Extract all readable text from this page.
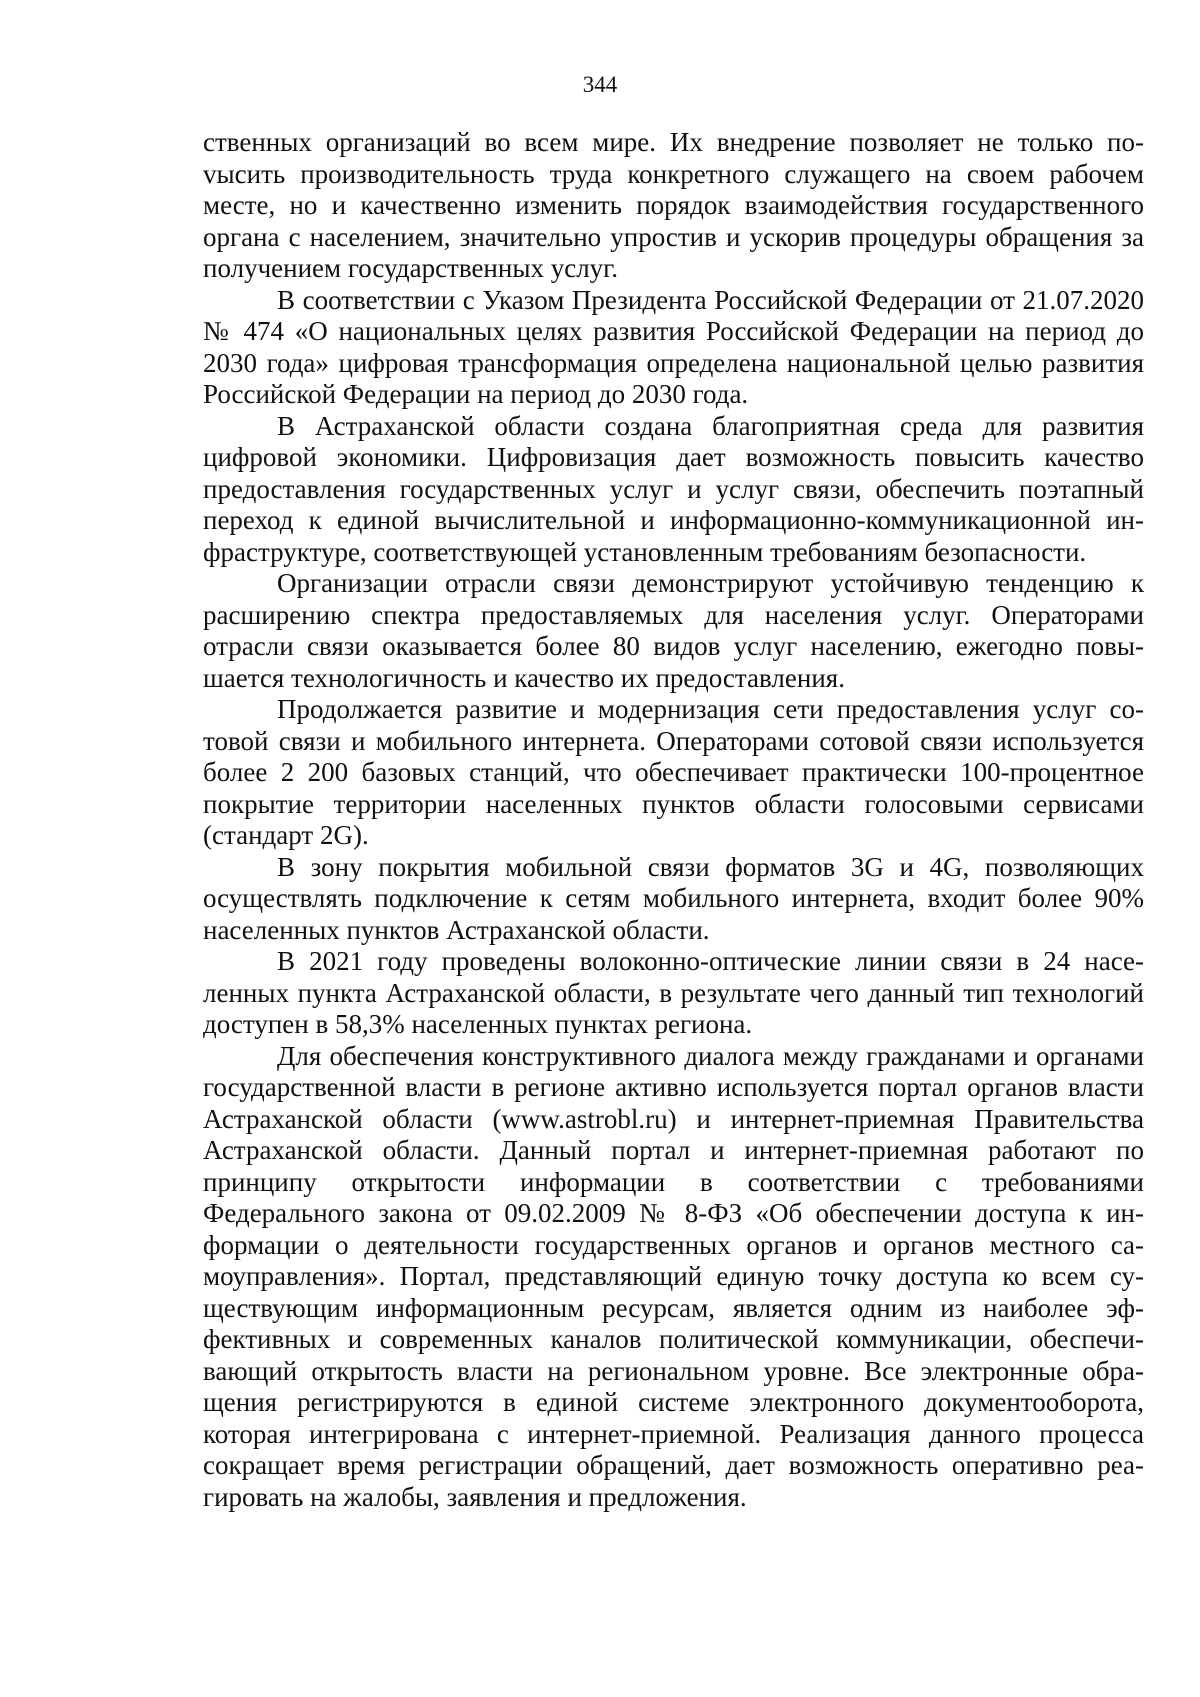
344

ственных организаций во всем мире. Их внедрение позволяет не только поvысить производительность труда конкретного служащего на своем рабочем месте, но и качественно изменить порядок взаимодействия государственного органа с населением, значительно упростив и ускорив процедуры обращения за получением государственных услуг.

В соответствии с Указом Президента Российской Федерации от 21.07.2020 № 474 «О национальных целях развития Российской Федерации на период до 2030 года» цифровая трансформация определена национальной целью развития Российской Федерации на период до 2030 года.

В Астраханской области создана благоприятная среда для развития цифровой экономики. Цифровизация дает возможность повысить качество предоставления государственных услуг и услуг связи, обеспечить поэтапный переход к единой вычислительной и информационно-коммуникационной инфраструктуре, соответствующей установленным требованиям безопасности.

Организации отрасли связи демонстрируют устойчивую тенденцию к расширению спектра предоставляемых для населения услуг. Операторами отрасли связи оказывается более 80 видов услуг населению, ежегодно повышается технологичность и качество их предоставления.

Продолжается развитие и модернизация сети предоставления услуг сотовой связи и мобильного интернета. Операторами сотовой связи используется более 2 200 базовых станций, что обеспечивает практически 100-процентное покрытие территории населенных пунктов области голосовыми сервисами (стандарт 2G).

В зону покрытия мобильной связи форматов 3G и 4G, позволяющих осуществлять подключение к сетям мобильного интернета, входит более 90% населенных пунктов Астраханской области.

В 2021 году проведены волоконно-оптические линии связи в 24 населенных пункта Астраханской области, в результате чего данный тип технологий доступен в 58,3% населенных пунктах региона.

Для обеспечения конструктивного диалога между гражданами и органами государственной власти в регионе активно используется портал органов власти Астраханской области (www.astrobl.ru) и интернет-приемная Правительства Астраханской области. Данный портал и интернет-приемная работают по принципу открытости информации в соответствии с требованиями Федерального закона от 09.02.2009 № 8-ФЗ «Об обеспечении доступа к информации о деятельности государственных органов и органов местного самоуправления». Портал, представляющий единую точку доступа ко всем существующим информационным ресурсам, является одним из наиболее эффективных и современных каналов политической коммуникации, обеспечивающий открытость власти на региональном уровне. Все электронные обращения регистрируются в единой системе электронного документооборота, которая интегрирована с интернет-приемной. Реализация данного процесса сокращает время регистрации обращений, дает возможность оперативно реагировать на жалобы, заявления и предложения.
